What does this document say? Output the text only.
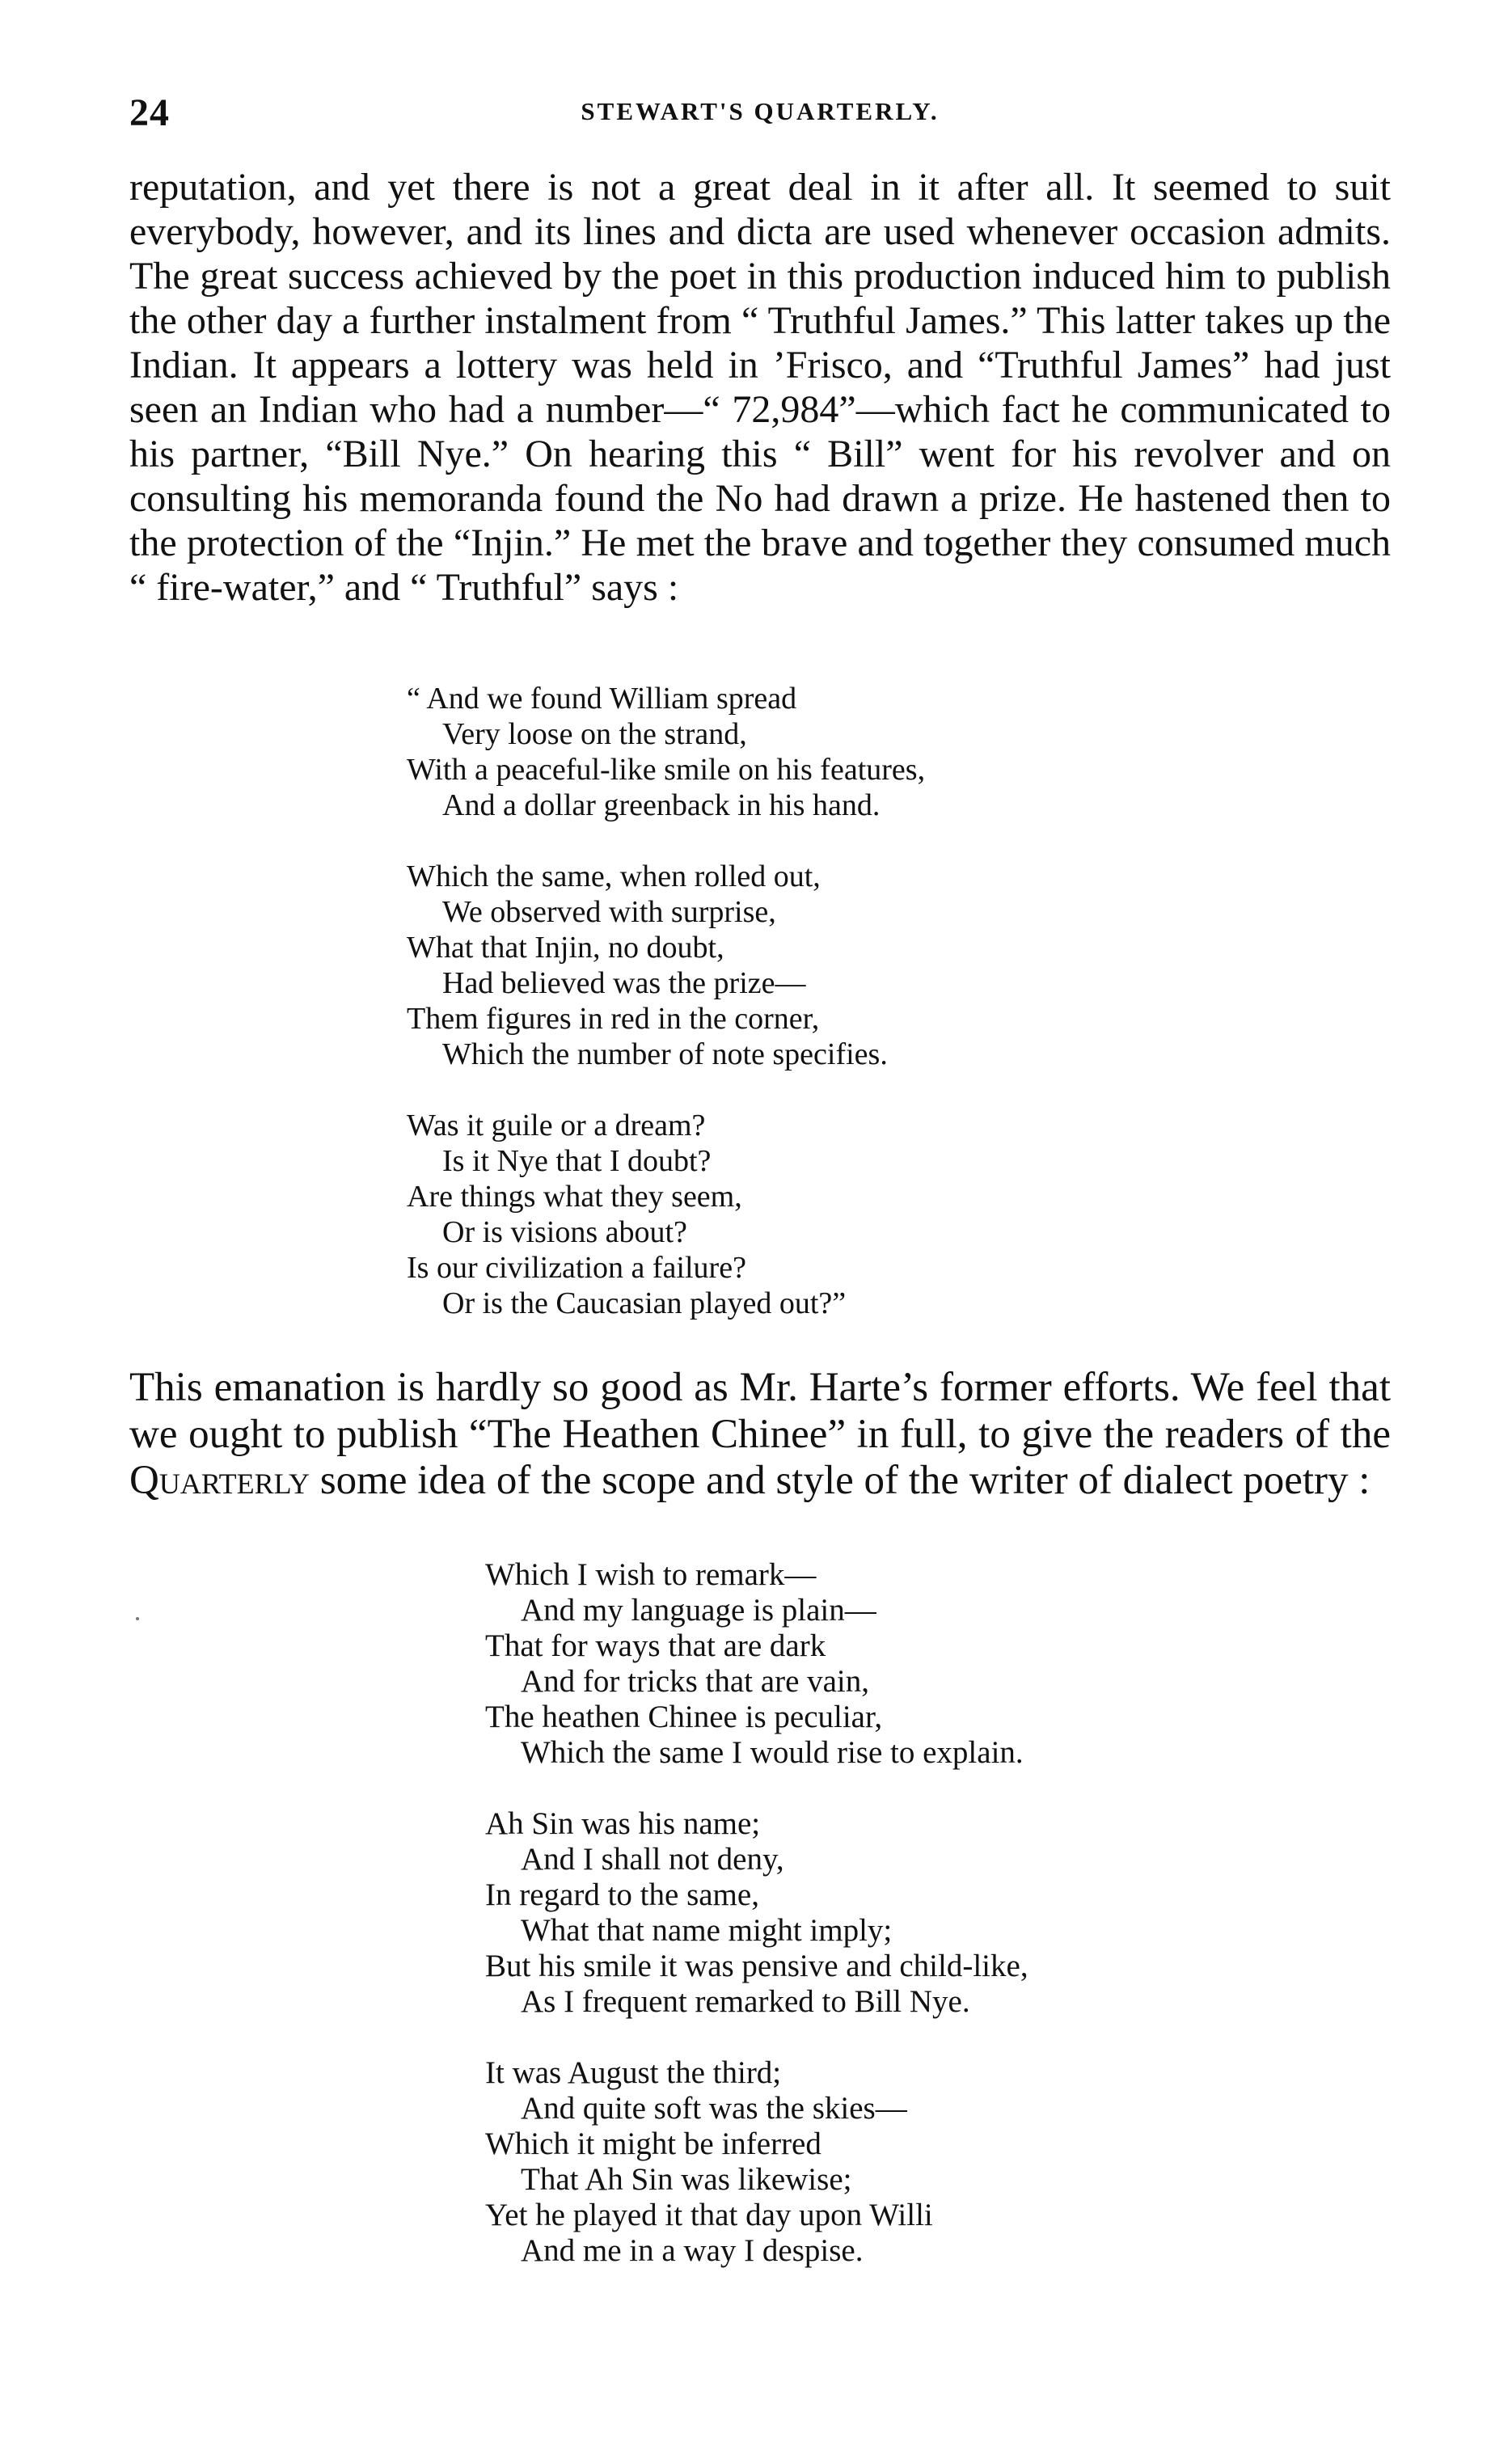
24	STEWART'S QUARTERLY.

reputation, and yet there is not a great deal in it after all. It seemed to suit everybody, however, and its lines and dicta are used whenever occasion admits. The great success achieved by the poet in this production induced him to publish the other day a further instalment from “ Truthful James.” This latter takes up the Indian. It appears a lottery was held in ’Frisco, and “Truthful James” had just seen an Indian who had a number—“ 72,984”—which fact he communicated to his partner, “Bill Nye.” On hearing this “ Bill” went for his revolver and on consulting his memoranda found the No had drawn a prize. He hastened then to the protection of the “Injin.” He met the brave and together they consumed much “ fire-water,” and “ Truthful” says :

“ And we found William spread
Very loose on the strand,
With a peaceful-like smile on his features,
And a dollar greenback in his hand.
Which the same, when rolled out,
We observed with surprise,
What that Injin, no doubt,
Had believed was the prize—
Them figures in red in the corner,
Which the number of note specifies.
Was it guile or a dream?
Is it Nye that I doubt?
Are things what they seem,
Or is visions about?
Is our civilization a failure?
Or is the Caucasian played out?”

This emanation is hardly so good as Mr. Harte’s former efforts. We feel that we ought to publish “The Heathen Chinee” in full, to give the readers of the Quarterly some idea of the scope and style of the writer of dialect poetry :

Which I wish to remark—
And my language is plain—
That for ways that are dark
And for tricks that are vain,
The heathen Chinee is peculiar,
Which the same I would rise to explain.
Ah Sin was his name;
And I shall not deny,
In regard to the same,
What that name might imply;
But his smile it was pensive and child-like,
As I frequent remarked to Bill Nye.
It was August the third;
And quite soft was the skies—
Which it might be inferred
That Ah Sin was likewise;
Yet he played it that day upon Willi
And me in a way I despise.
